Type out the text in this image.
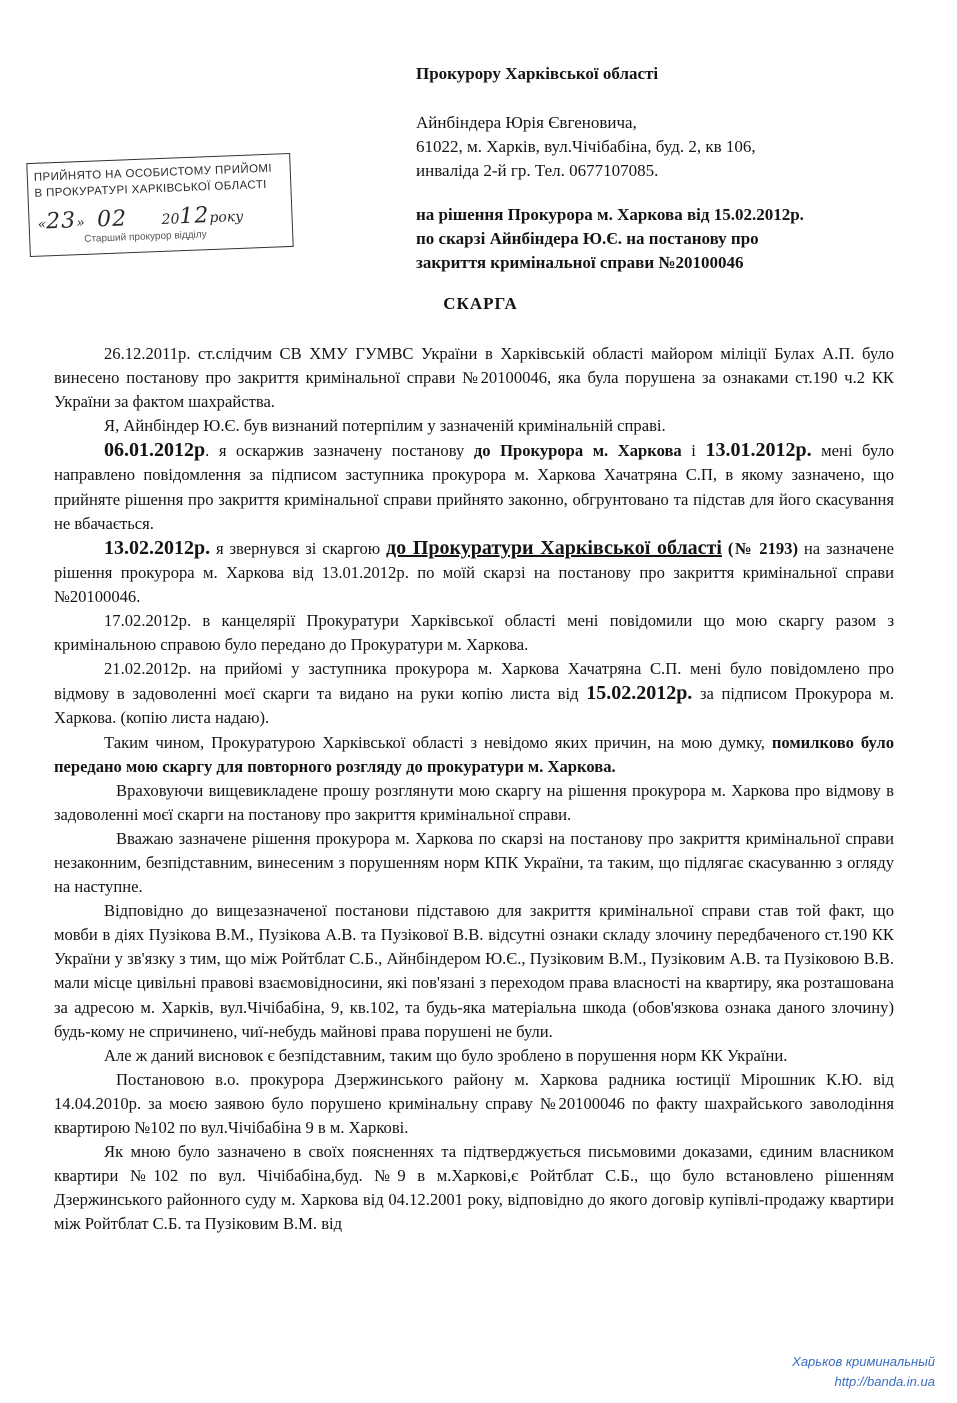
Прокурору Харківської області
Айнбіндера Юрія Євгеновича,
61022, м. Харків, вул.Чічібабіна, буд. 2, кв 106,
инваліда 2-й гр. Тел. 0677107085.
на рішення Прокурора м. Харкова від 15.02.2012р.
по скарзі Айнбіндера Ю.Є. на постанову про
закриття кримінальної справи №20100046
ПРИЙНЯТО НА ОСОБИСТОМУ ПРИЙОМІ
В ПРОКУРАТУРІ ХАРКІВСЬКОЇ ОБЛАСТІ
«23» 02 2012року
Старший прокурор відділу
СКАРГА

26.12.2011р. ст.слідчим СВ ХМУ ГУМВС України в Харківській області майором міліції Булах А.П. було винесено постанову про закриття кримінальної справи №20100046, яка була порушена за ознаками ст.190 ч.2 КК України за фактом шахрайства.

Я, Айнбіндер Ю.Є. був визнаний потерпілим у зазначеній кримінальній справі.

06.01.2012р. я оскаржив зазначену постанову до Прокурора м. Харкова і 13.01.2012р. мені було направлено повідомлення за підписом заступника прокурора м. Харкова Хачатряна С.П, в якому зазначено, що прийняте рішення про закриття кримінальної справи прийнято законно, обгрунтовано та підстав для його скасування не вбачається.

13.02.2012р. я звернувся зі скаргою до Прокуратури Харківської області (№ 2193) на зазначене рішення прокурора м. Харкова від 13.01.2012р. по моїй скарзі на постанову про закриття кримінальної справи №20100046.

17.02.2012р. в канцелярії Прокуратури Харківської області мені повідомили що мою скаргу разом з кримінальною справою було передано до Прокуратури м. Харкова.

21.02.2012р. на прийомі у заступника прокурора м. Харкова Хачатряна С.П. мені було повідомлено про відмову в задоволенні моєї скарги та видано на руки копію листа від 15.02.2012р. за підписом Прокурора м. Харкова. (копію листа надаю).

Таким чином, Прокуратурою Харківської області з невідомо яких причин, на мою думку, помилково було передано мою скаргу для повторного розгляду до прокуратури м. Харкова.

Враховуючи вищевикладене прошу розглянути мою скаргу на рішення прокурора м. Харкова про відмову в задоволенні моєї скарги на постанову про закриття кримінальної справи.

Вважаю зазначене рішення прокурора м. Харкова по скарзі на постанову про закриття кримінальної справи незаконним, безпідставним, винесеним з порушенням норм КПК України, та таким, що підлягає скасуванню з огляду на наступне.

Відповідно до вищезазначеної постанови підставою для закриття кримінальної справи став той факт, що мовби в діях Пузікова В.М., Пузікова А.В. та Пузікової В.В. відсутні ознаки складу злочину передбаченого ст.190 КК України у зв'язку з тим, що між Ройтблат С.Б., Айнбіндером Ю.Є., Пузіковим В.М., Пузіковим А.В. та Пузіковою В.В. мали місце цивільні правові взаємовідносини, які пов'язані з переходом права власності на квартиру, яка розташована за адресою м. Харків, вул.Чічібабіна, 9, кв.102, та будь-яка матеріальна шкода (обов'язкова ознака даного злочину) будь-кому не спричинено, чиї-небудь майнові права порушені не були.

Але ж даний висновок є безпідставним, таким що було зроблено в порушення норм КК України.

Постановою в.о. прокурора Дзержинського району м. Харкова радника юстиції Мірошник К.Ю. від 14.04.2010р. за моєю заявою було порушено кримінальну справу №20100046 по факту шахрайського заволодіння квартирою №102 по вул.Чічібабіна 9 в м. Харкові.

Як мною було зазначено в своїх поясненнях та підтверджується письмовими доказами, єдиним власником квартири №102 по вул. Чічібабіна,буд. №9 в м.Харкові,є Ройтблат С.Б., що було встановлено рішенням Дзержинського районного суду м. Харкова від 04.12.2001 року, відповідно до якого договір купівлі-продажу квартири між Ройтблат С.Б. та Пузіковим В.М. від

Харьков криминальный
http://banda.in.ua
